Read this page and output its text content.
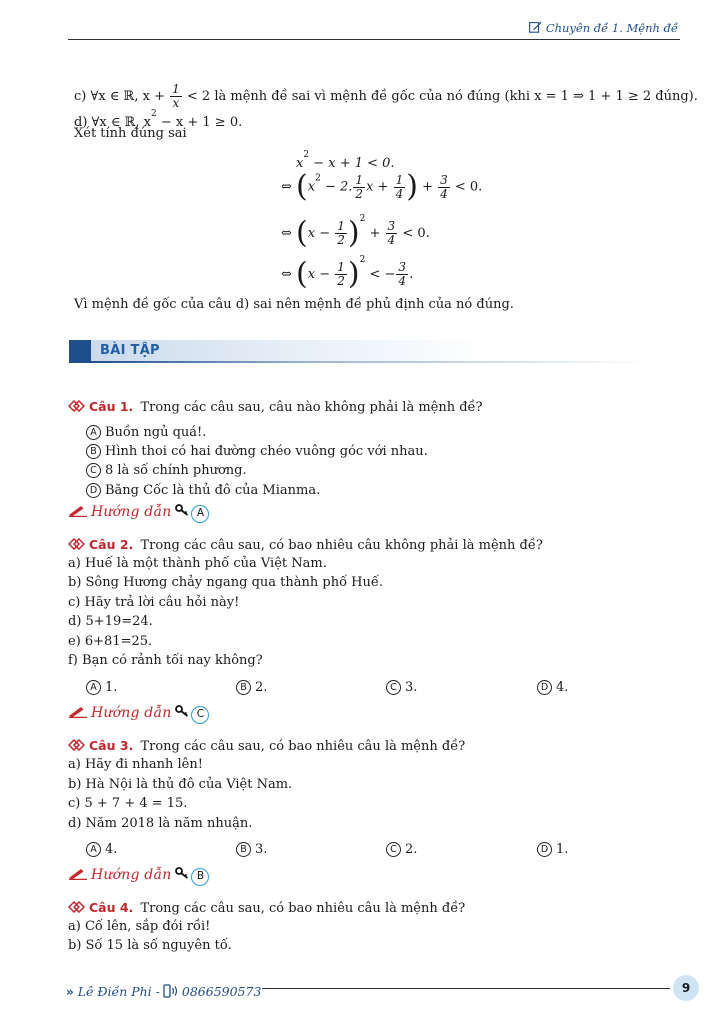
Chuyên đề 1. Mệnh đề
c) ∀x ∈ ℝ, $x + \frac{1}{x} < 2$ là mệnh đề sai vì mệnh đề gốc của nó đúng (khi x = 1 ⇒ 1 + 1 ≥ 2 đúng).
d) ∀x ∈ ℝ, $x^2 - x + 1 \ge 0$.
Xét tính đúng sai
$x^2 - x + 1 < 0$.
⇔ ($x^2 - 2$. $\frac{1}{2}$ $x + \frac{1}{4}$ ) + $\frac{3}{4} < 0$.
⇔ $(x - \frac{1}{2} )^2 + \frac{3}{4} < 0$.
⇔ $(x - \frac{1}{2} )^2$ < − $\frac{3}{4}$ .
Vì mệnh đề gốc của câu d) sai nên mệnh đề phủ định của nó đúng.
BÀI TẬP
Câu 1. Trong các câu sau, câu nào không phải là mệnh đề?
A Buồn ngủ quá!.
B Hình thoi có hai đường chéo vuông góc với nhau.
C 8 là số chính phương.
D Băng Cốc là thủ đô của Mianma.
Hướng dẫn A
Câu 2. Trong các câu sau, có bao nhiêu câu không phải là mệnh đề?
a) Huế là một thành phố của Việt Nam.
b) Sông Hương chảy ngang qua thành phố Huế.
c) Hãy trả lời câu hỏi này!
d) 5+19=24.
e) 6+81=25.
f) Bạn có rảnh tối nay không?
A 1.	B 2.	C 3.	D 4.
Hướng dẫn C
Câu 3. Trong các câu sau, có bao nhiêu câu là mệnh đề?
a) Hãy đi nhanh lên!
b) Hà Nội là thủ đô của Việt Nam.
c) 5 + 7 + 4 = 15.
d) Năm 2018 là năm nhuận.
A 4.	B 3.	C 2.	D 1.
Hướng dẫn B
Câu 4. Trong các câu sau, có bao nhiêu câu là mệnh đề?
a) Cố lên, sắp đói rồi!
b) Số 15 là số nguyên tố.
» Lê Điền Phi - 0866590573	9
